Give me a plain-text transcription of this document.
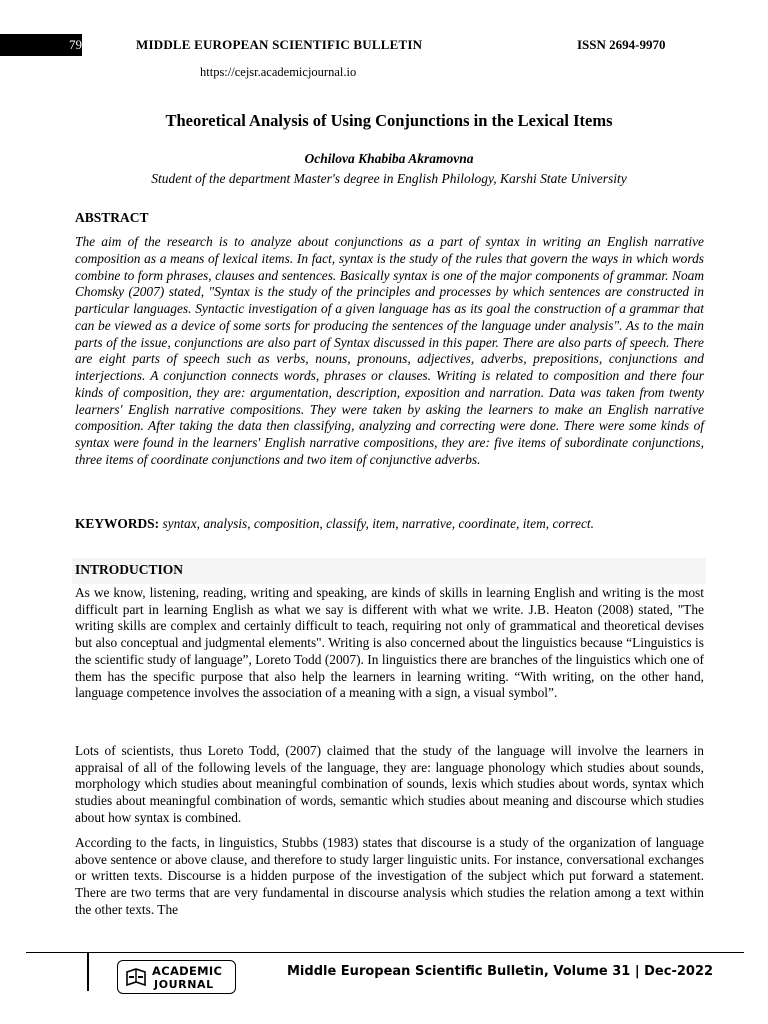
79	MIDDLE EUROPEAN SCIENTIFIC BULLETIN	ISSN 2694-9970
https://cejsr.academicjournal.io
Theoretical Analysis of Using Conjunctions in the Lexical Items
Ochilova Khabiba Akramovna
Student of the department Master's degree in English Philology, Karshi State University
ABSTRACT

The aim of the research is to analyze about conjunctions as a part of syntax in writing an English narrative composition as a means of lexical items. In fact, syntax is the study of the rules that govern the ways in which words combine to form phrases, clauses and sentences. Basically syntax is one of the major components of grammar. Noam Chomsky (2007) stated, "Syntax is the study of the principles and processes by which sentences are constructed in particular languages. Syntactic investigation of a given language has as its goal the construction of a grammar that can be viewed as a device of some sorts for producing the sentences of the language under analysis". As to the main parts of the issue, conjunctions are also part of Syntax discussed in this paper. There are also parts of speech. There are eight parts of speech such as verbs, nouns, pronouns, adjectives, adverbs, prepositions, conjunctions and interjections. A conjunction connects words, phrases or clauses. Writing is related to composition and there four kinds of composition, they are: argumentation, description, exposition and narration. Data was taken from twenty learners' English narrative compositions. They were taken by asking the learners to make an English narrative composition. After taking the data then classifying, analyzing and correcting were done. There were some kinds of syntax were found in the learners' English narrative compositions, they are: five items of subordinate conjunctions, three items of coordinate conjunctions and two item of conjunctive adverbs.

KEYWORDS: syntax, analysis, composition, classify, item, narrative, coordinate, item, correct.

INTRODUCTION

As we know, listening, reading, writing and speaking, are kinds of skills in learning English and writing is the most difficult part in learning English as what we say is different with what we write. J.B. Heaton (2008) stated, "The writing skills are complex and certainly difficult to teach, requiring not only of grammatical and theoretical devises but also conceptual and judgmental elements". Writing is also concerned about the linguistics because “Linguistics is the scientific study of language”, Loreto Todd (2007). In linguistics there are branches of the linguistics which one of them has the specific purpose that also help the learners in learning writing. “With writing, on the other hand, language competence involves the association of a meaning with a sign, a visual symbol”.

Lots of scientists, thus Loreto Todd, (2007) claimed that the study of the language will involve the learners in appraisal of all of the following levels of the language, they are: language phonology which studies about sounds, morphology which studies about meaningful combination of sounds, lexis which studies about words, syntax which studies about meaningful combination of words, semantic which studies about meaning and discourse which studies about how syntax is combined.

According to the facts, in linguistics, Stubbs (1983) states that discourse is a study of the organization of language above sentence or above clause, and therefore to study larger linguistic units. For instance, conversational exchanges or written texts. Discourse is a hidden purpose of the investigation of the subject which put forward a statement. There are two terms that are very fundamental in discourse analysis which studies the relation among a text within the other texts. The

ACADEMIC
JOURNAL
Middle European Scientific Bulletin, Volume 31 | Dec-2022
